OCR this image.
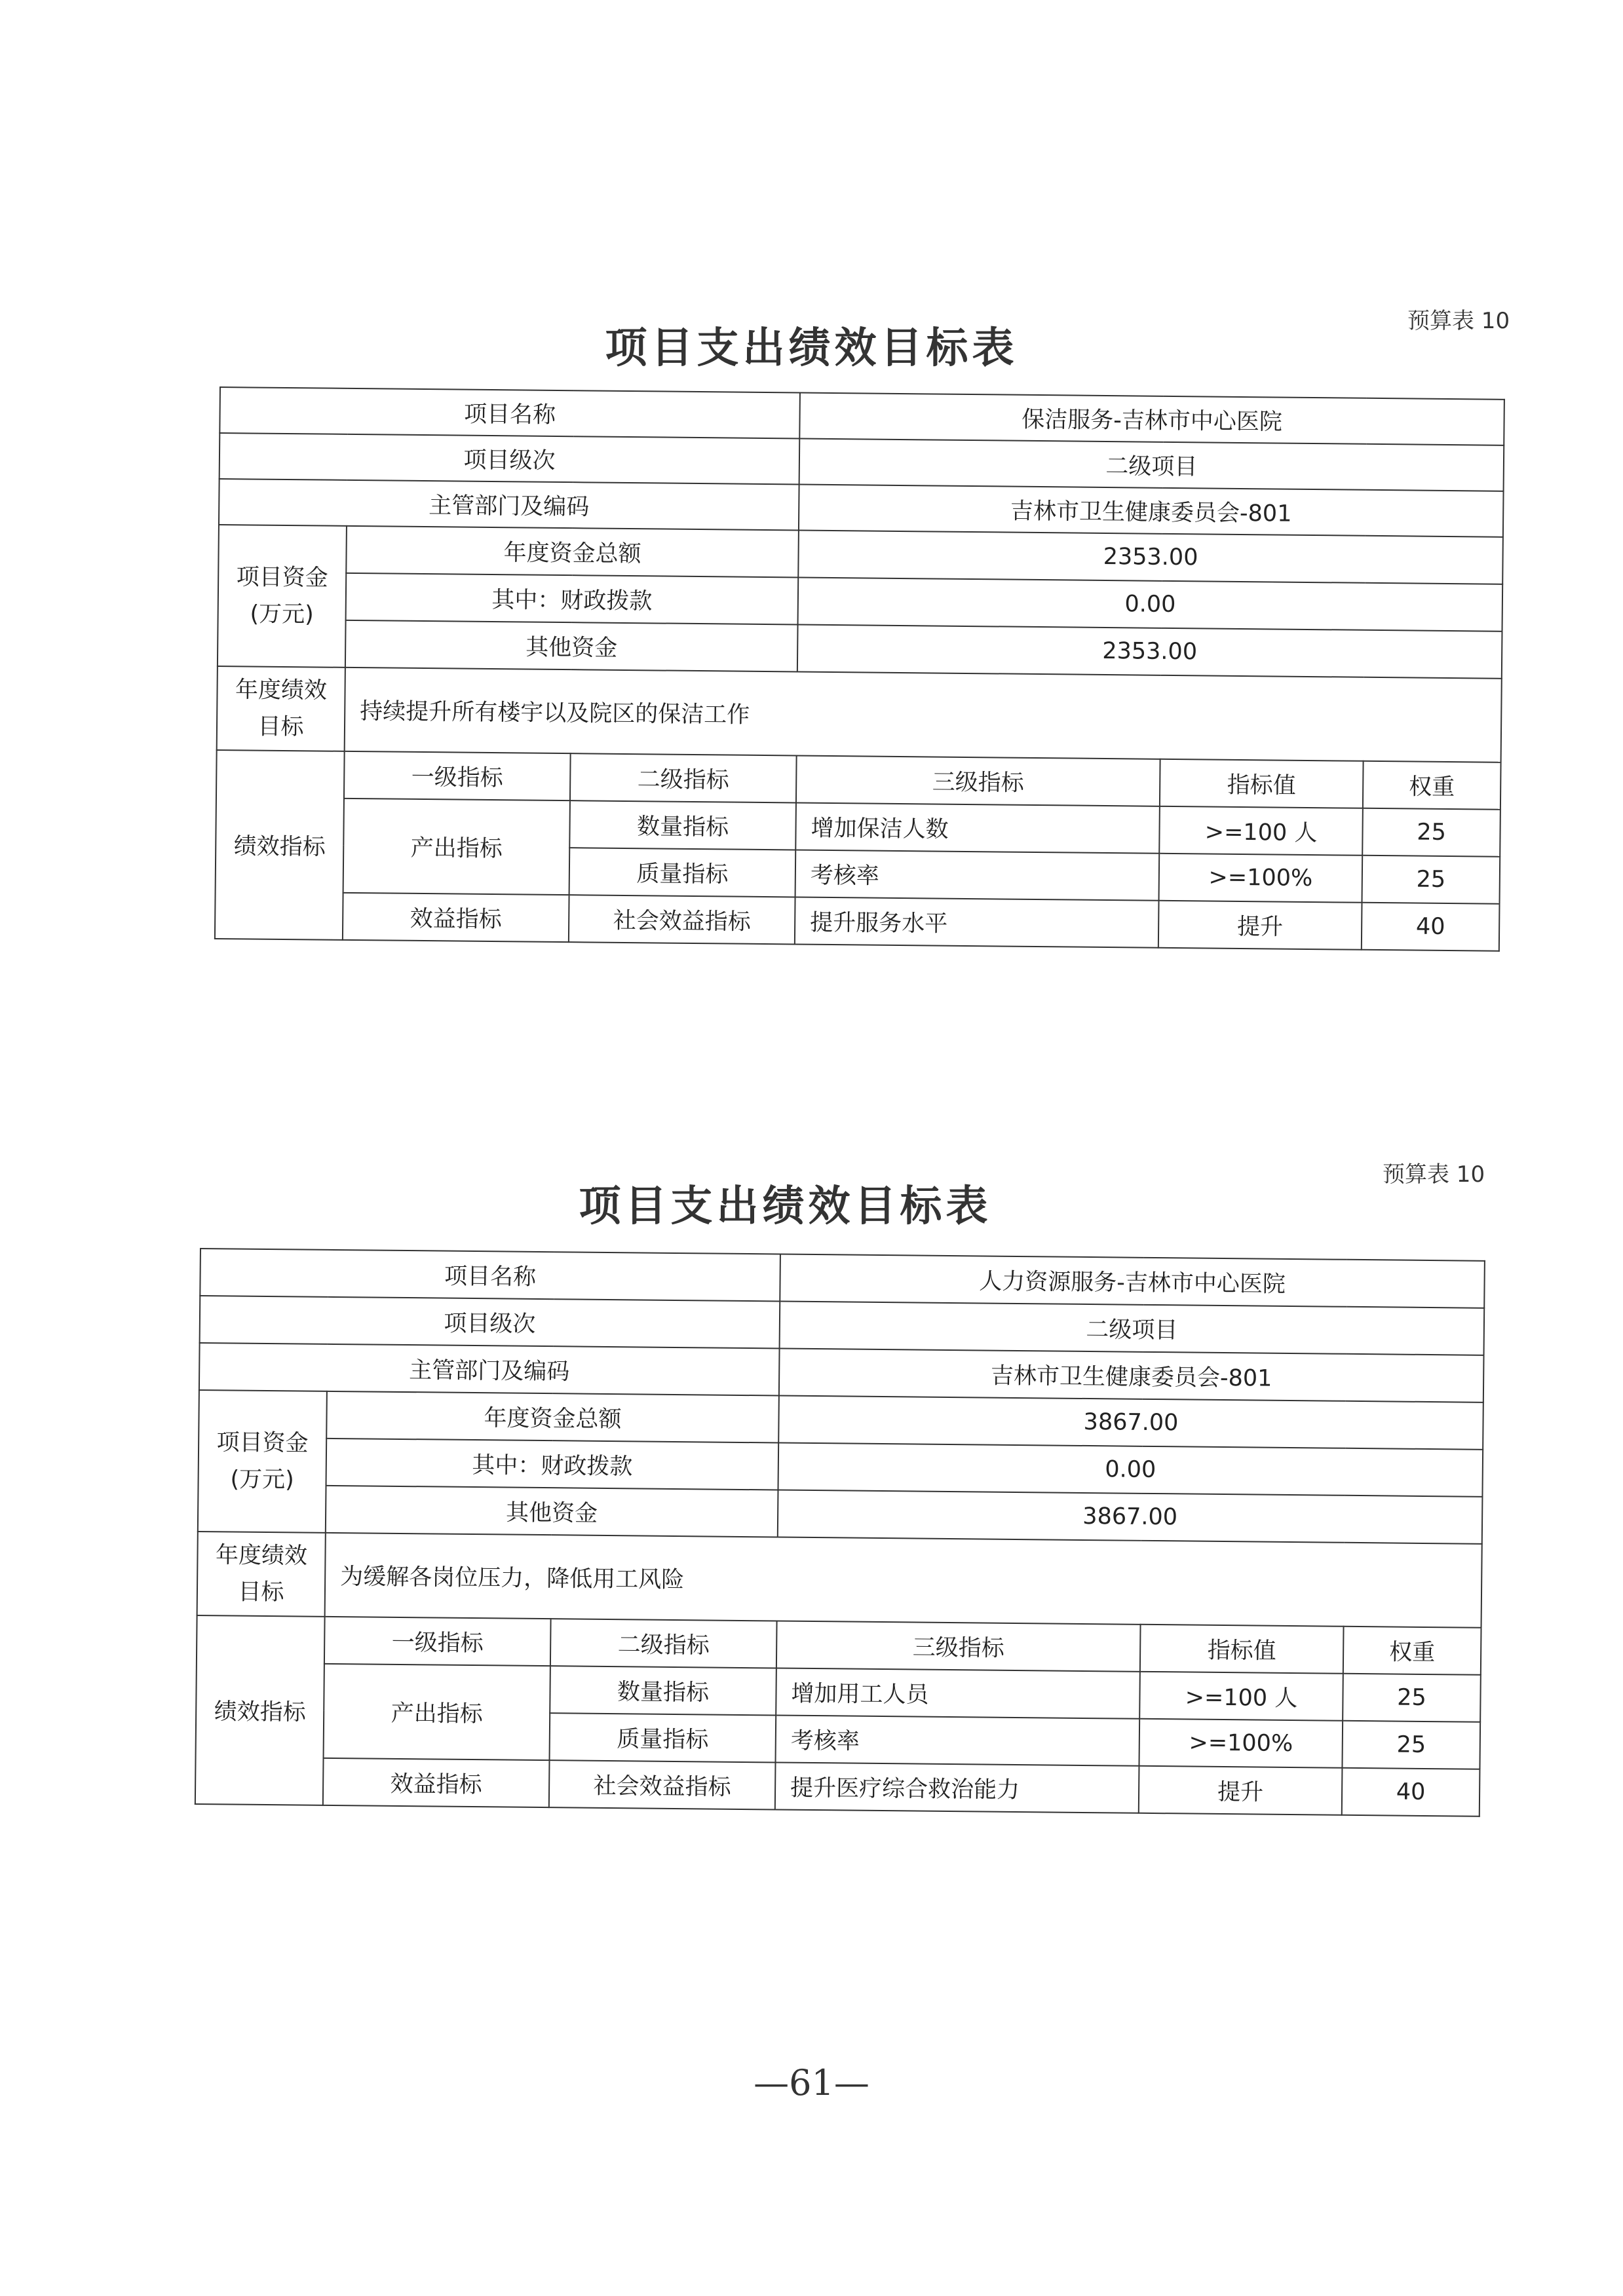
预算表 10
项目支出绩效目标表
项目名称			保洁服务-吉林市中心医院		
项目级次			二级项目		
主管部门及编码			吉林市卫生健康委员会-801		
项目资金
(万元)	年度资金总额		2353.00		
	其中：财政拨款		0.00		
	其他资金		2353.00		
年度绩效
目标	持续提升所有楼宇以及院区的保洁工作				
绩效指标	一级指标	二级指标	三级指标	指标值	权重
	产出指标	数量指标	增加保洁人数	>=100 人	25
		质量指标	考核率	>=100%	25
	效益指标	社会效益指标	提升服务水平	提升	40
预算表 10
项目支出绩效目标表
项目名称			人力资源服务-吉林市中心医院		
项目级次			二级项目		
主管部门及编码			吉林市卫生健康委员会-801		
项目资金
(万元)	年度资金总额		3867.00		
	其中：财政拨款		0.00		
	其他资金		3867.00		
年度绩效
目标	为缓解各岗位压力，降低用工风险				
绩效指标	一级指标	二级指标	三级指标	指标值	权重
	产出指标	数量指标	增加用工人员	>=100 人	25
		质量指标	考核率	>=100%	25
	效益指标	社会效益指标	提升医疗综合救治能力	提升	40
—61—
